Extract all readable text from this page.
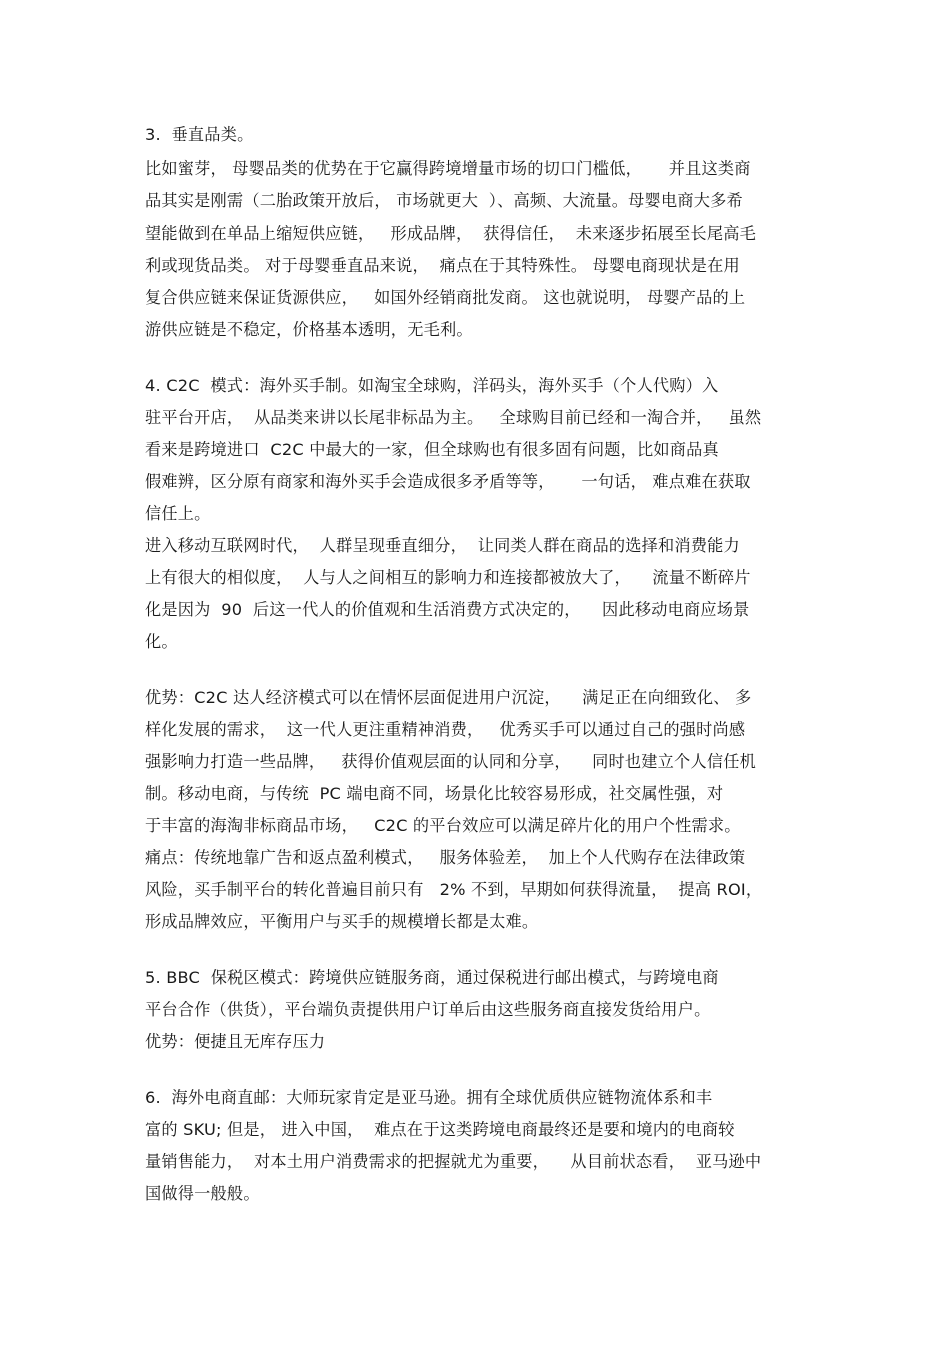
3.  垂直品类。
比如蜜芽， 母婴品类的优势在于它赢得跨境增量市场的切口门槛低，     并且这类商
品其实是刚需（二胎政策开放后， 市场就更大  ）、高频、大流量。母婴电商大多希
望能做到在单品上缩短供应链，   形成品牌，  获得信任，  未来逐步拓展至长尾高毛
利或现货品类。 对于母婴垂直品来说，  痛点在于其特殊性。 母婴电商现状是在用
复合供应链来保证货源供应，   如国外经销商批发商。 这也就说明， 母婴产品的上
游供应链是不稳定，价格基本透明，无毛利。
4. C2C  模式：海外买手制。如淘宝全球购，洋码头，海外买手（个人代购）入
驻平台开店，  从品类来讲以长尾非标品为主。   全球购目前已经和一淘合并，   虽然
看来是跨境进口  C2C 中最大的一家，但全球购也有很多固有问题，比如商品真
假难辨，区分原有商家和海外买手会造成很多矛盾等等，     一句话， 难点难在获取
信任上。
进入移动互联网时代，  人群呈现垂直细分，  让同类人群在商品的选择和消费能力
上有很大的相似度，  人与人之间相互的影响力和连接都被放大了，    流量不断碎片
化是因为  90  后这一代人的价值观和生活消费方式决定的，    因此移动电商应场景
化。
优势：C2C 达人经济模式可以在情怀层面促进用户沉淀，    满足正在向细致化、 多
样化发展的需求，  这一代人更注重精神消费，   优秀买手可以通过自己的强时尚感
强影响力打造一些品牌，   获得价值观层面的认同和分享，    同时也建立个人信任机
制。移动电商，与传统  PC 端电商不同，场景化比较容易形成，社交属性强，对
于丰富的海淘非标商品市场，   C2C 的平台效应可以满足碎片化的用户个性需求。
痛点：传统地靠广告和返点盈利模式，   服务体验差，  加上个人代购存在法律政策
风险，买手制平台的转化普遍目前只有   2% 不到，早期如何获得流量，  提高 ROI，
形成品牌效应，平衡用户与买手的规模增长都是太难。
5. BBC  保税区模式：跨境供应链服务商，通过保税进行邮出模式，与跨境电商
平台合作（供货），平台端负责提供用户订单后由这些服务商直接发货给用户。
优势：便捷且无库存压力
6.  海外电商直邮：大师玩家肯定是亚马逊。拥有全球优质供应链物流体系和丰
富的 SKU; 但是， 进入中国，  难点在于这类跨境电商最终还是要和境内的电商较
量销售能力，  对本土用户消费需求的把握就尤为重要，    从目前状态看，  亚马逊中
国做得一般般。
